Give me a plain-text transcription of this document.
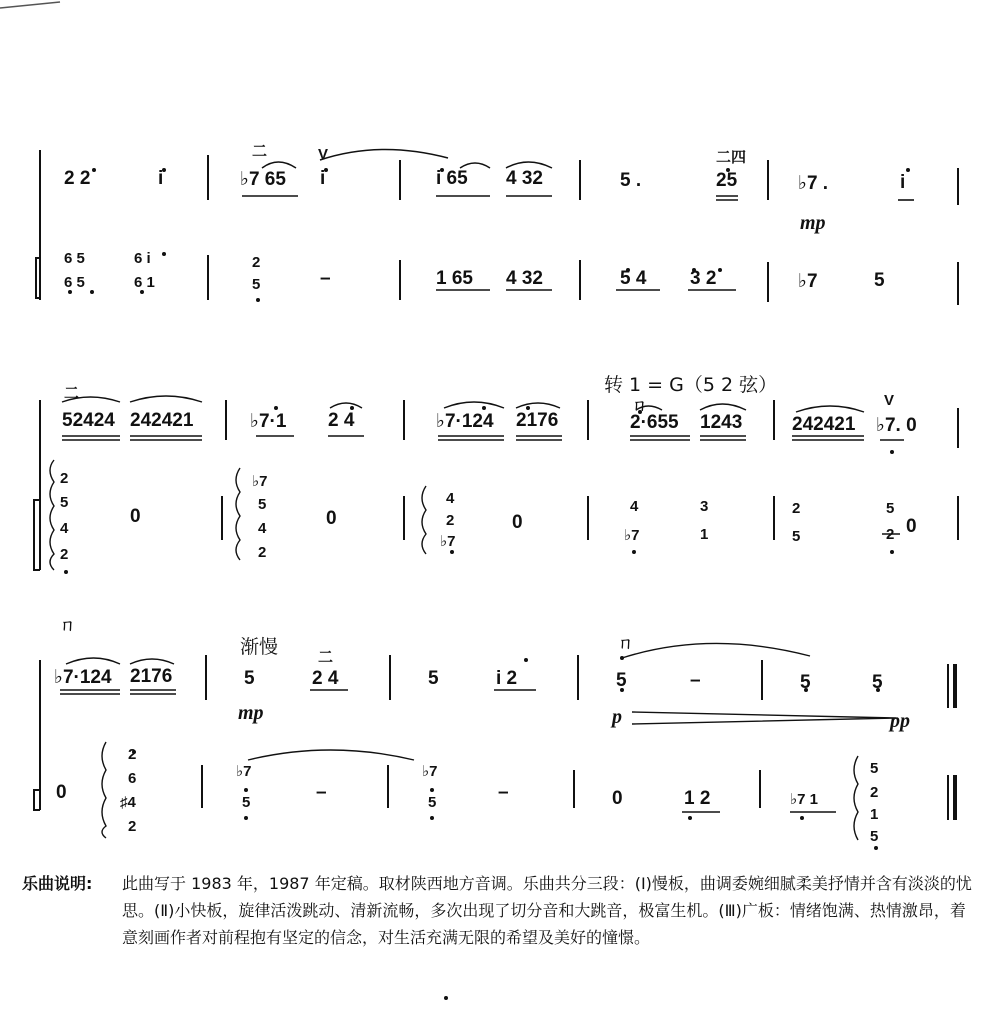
2 2	i	♭7 65 i	i 65 4 32	5 .	25	♭7 .	i
二	二四
V
mp
6 5	6 i
6 5	6 1
2
5	–	1 65 4 32	5 4 3 2	♭7	5
转 1 = G（5 2 弦）
52424 242421	♭7·1 2 4	♭7·124 2176	2·655 1243	242421 ♭7. 0
二
ㄇ	V
2
5
4
2
0
♭7
5
4
2
0
4
2
♭7
0
4	3
♭7	1
2
5
5
2 0
渐慢
♭7·124 2176	5	2 4	5	i 2	5	–	5	5
ㄇ
二
ㄇ
mp	p	pp
0
2
6
♯4
2
♭7
5	–
♭7
5	–	0	1 2	♭7 1
5
2
1
5
乐曲说明: 此曲写于 1983 年，1987 年定稿。取材陕西地方音调。乐曲共分三段：(Ⅰ)慢板，曲调委婉细腻柔美抒情并含有淡淡的忧思。(Ⅱ)小快板，旋律活泼跳动、清新流畅，多次出现了切分音和大跳音，极富生机。(Ⅲ)广板：情绪饱满、热情激昂，着意刻画作者对前程抱有坚定的信念，对生活充满无限的希望及美好的憧憬。
